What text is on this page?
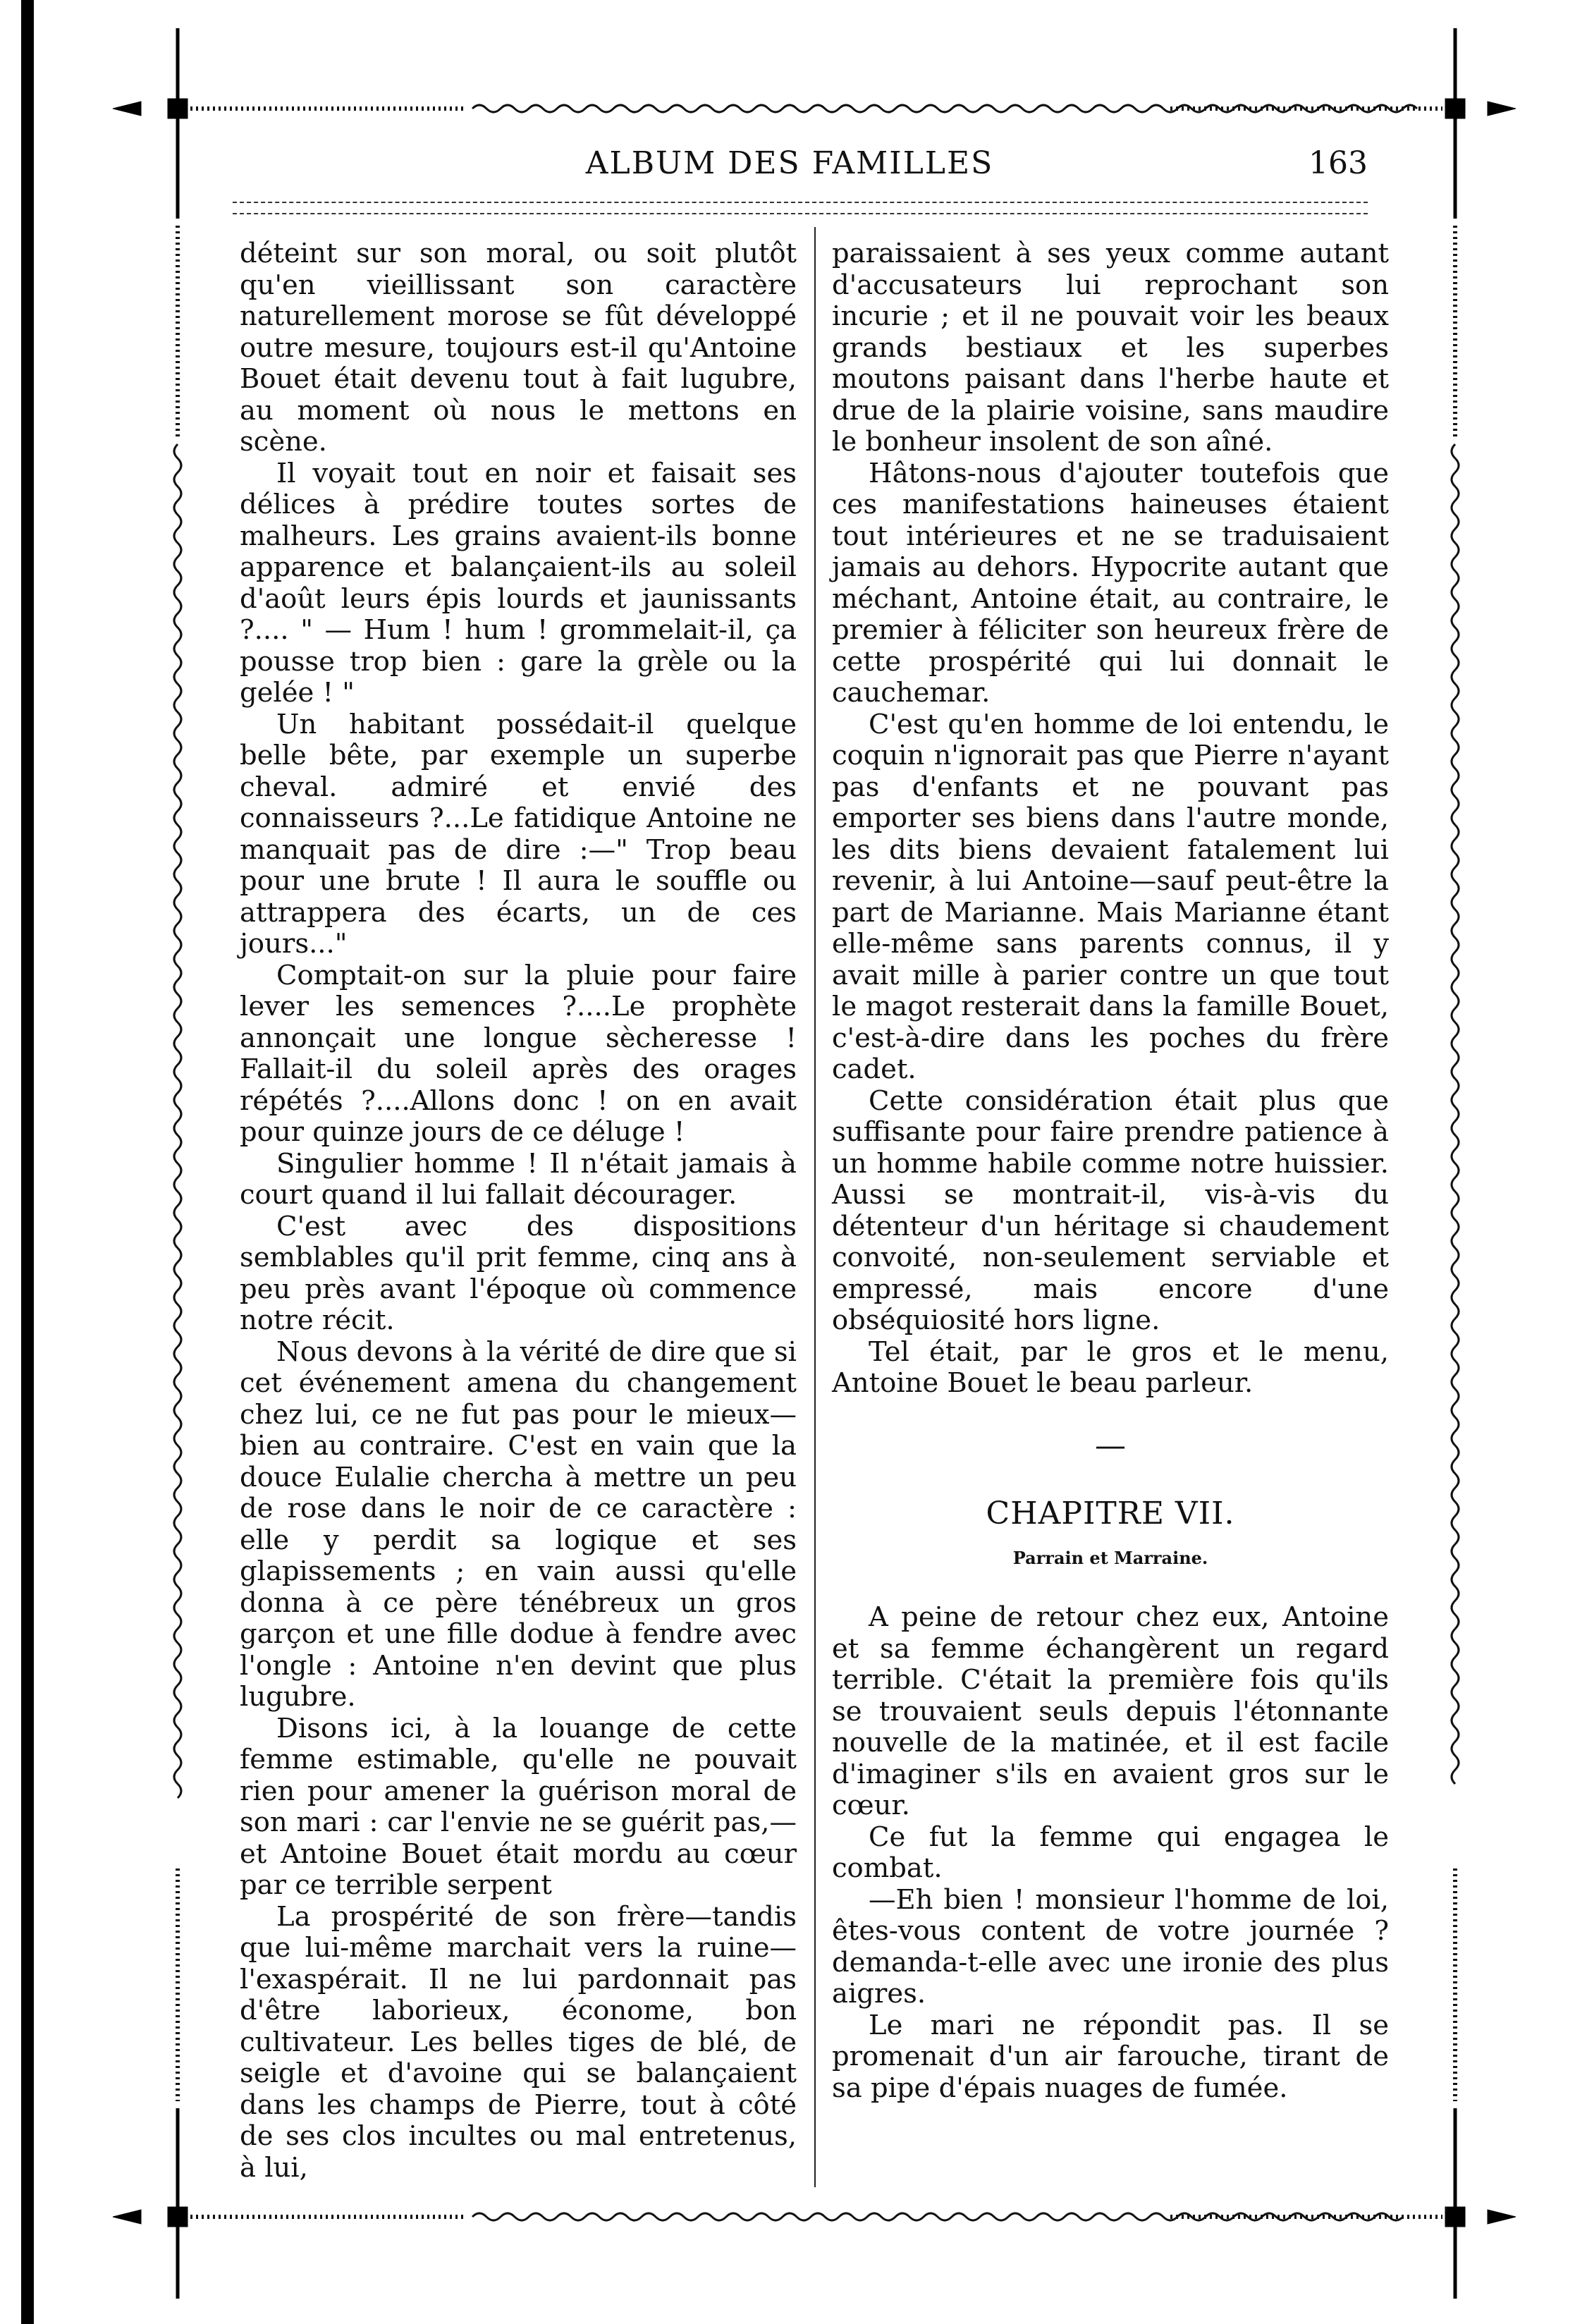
ALBUM DES FAMILLES	163

déteint sur son moral, ou soit plutôt qu'en vieillissant son caractère naturellement morose se fût développé outre mesure, toujours est-il qu'Antoine Bouet était devenu tout à fait lugubre, au moment où nous le mettons en scène.

Il voyait tout en noir et faisait ses délices à prédire toutes sortes de malheurs. Les grains avaient-ils bonne apparence et balançaient-ils au soleil d'août leurs épis lourds et jaunissants ?.... " — Hum ! hum ! grommelait-il, ça pousse trop bien : gare la grèle ou la gelée ! "

Un habitant possédait-il quelque belle bête, par exemple un superbe cheval. admiré et envié des connaisseurs ?...Le fatidique Antoine ne manquait pas de dire :—" Trop beau pour une brute ! Il aura le souffle ou attrappera des écarts, un de ces jours..."

Comptait-on sur la pluie pour faire lever les semences ?....Le prophète annonçait une longue sècheresse ! Fallait-il du soleil après des orages répétés ?....Allons donc ! on en avait pour quinze jours de ce déluge !

Singulier homme ! Il n'était jamais à court quand il lui fallait décourager.

C'est avec des dispositions semblables qu'il prit femme, cinq ans à peu près avant l'époque où commence notre récit.

Nous devons à la vérité de dire que si cet événement amena du changement chez lui, ce ne fut pas pour le mieux—bien au contraire. C'est en vain que la douce Eulalie chercha à mettre un peu de rose dans le noir de ce caractère : elle y perdit sa logique et ses glapissements ; en vain aussi qu'elle donna à ce père ténébreux un gros garçon et une fille dodue à fendre avec l'ongle : Antoine n'en devint que plus lugubre.

Disons ici, à la louange de cette femme estimable, qu'elle ne pouvait rien pour amener la guérison moral de son mari : car l'envie ne se guérit pas,—et Antoine Bouet était mordu au cœur par ce terrible serpent

La prospérité de son frère—tandis que lui-même marchait vers la ruine—l'exaspérait. Il ne lui pardonnait pas d'être laborieux, économe, bon cultivateur. Les belles tiges de blé, de seigle et d'avoine qui se balançaient dans les champs de Pierre, tout à côté de ses clos incultes ou mal entretenus, à lui,

paraissaient à ses yeux comme autant d'accusateurs lui reprochant son incurie ; et il ne pouvait voir les beaux grands bestiaux et les superbes moutons paisant dans l'herbe haute et drue de la plairie voisine, sans maudire le bonheur insolent de son aîné.

Hâtons-nous d'ajouter toutefois que ces manifestations haineuses étaient tout intérieures et ne se traduisaient jamais au dehors. Hypocrite autant que méchant, Antoine était, au contraire, le premier à féliciter son heureux frère de cette prospérité qui lui donnait le cauchemar.

C'est qu'en homme de loi entendu, le coquin n'ignorait pas que Pierre n'ayant pas d'enfants et ne pouvant pas emporter ses biens dans l'autre monde, les dits biens devaient fatalement lui revenir, à lui Antoine—sauf peut-être la part de Marianne. Mais Marianne étant elle-même sans parents connus, il y avait mille à parier contre un que tout le magot resterait dans la famille Bouet, c'est-à-dire dans les poches du frère cadet.

Cette considération était plus que suffisante pour faire prendre patience à un homme habile comme notre huissier. Aussi se montrait-il, vis-à-vis du détenteur d'un héritage si chaudement convoité, non-seulement serviable et empressé, mais encore d'une obséquiosité hors ligne.

Tel était, par le gros et le menu, Antoine Bouet le beau parleur.

—
CHAPITRE VII.
Parrain et Marraine.

A peine de retour chez eux, Antoine et sa femme échangèrent un regard terrible. C'était la première fois qu'ils se trouvaient seuls depuis l'étonnante nouvelle de la matinée, et il est facile d'imaginer s'ils en avaient gros sur le cœur.

Ce fut la femme qui engagea le combat.

—Eh bien ! monsieur l'homme de loi, êtes-vous content de votre journée ? demanda-t-elle avec une ironie des plus aigres.

Le mari ne répondit pas. Il se promenait d'un air farouche, tirant de sa pipe d'épais nuages de fumée.
